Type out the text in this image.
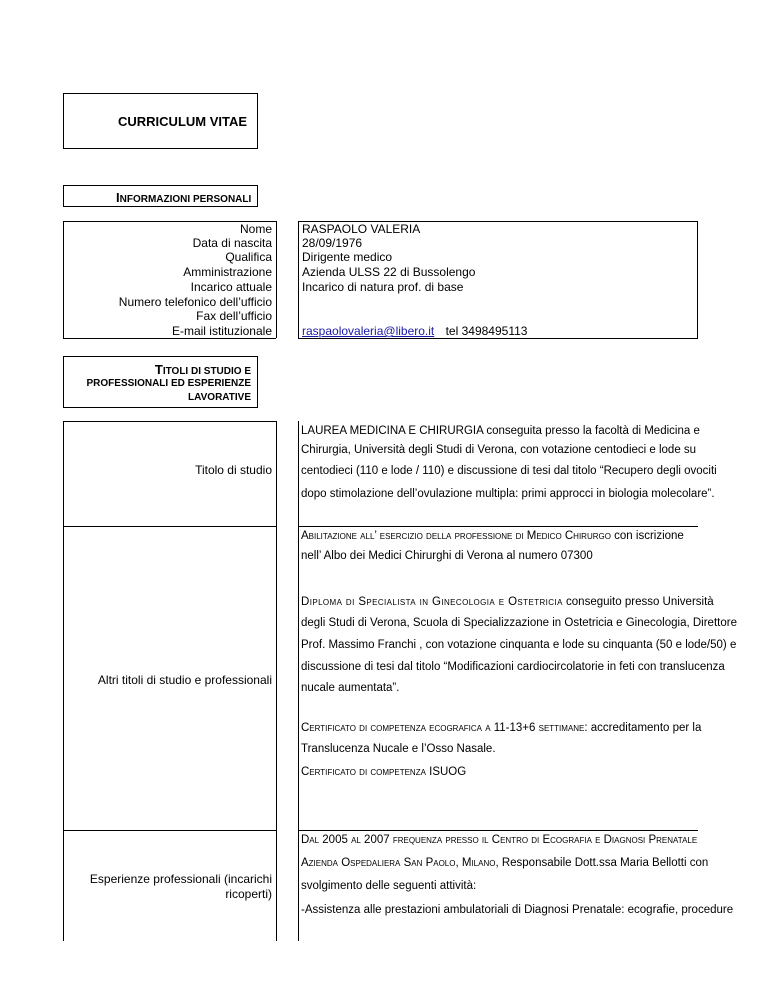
CURRICULUM VITAE
INFORMAZIONI PERSONALI
Nome
Data di nascita
Qualifica
Amministrazione
Incarico attuale
Numero telefonico dell’ufficio
Fax dell’ufficio
E-mail istituzionale
RASPAOLO VALERIA
28/09/1976
Dirigente medico
Azienda ULSS 22 di Bussolengo
Incarico di natura prof. di base
raspaolovaleria@libero.it tel 3498495113
TITOLI DI STUDIO E
PROFESSIONALI ED ESPERIENZE
LAVORATIVE
Titolo di studio
LAUREA MEDICINA E CHIRURGIA conseguita presso la facoltà di Medicina e
Chirurgia, Università degli Studi di Verona, con votazione centodieci e lode su
centodieci (110 e lode / 110) e discussione di tesi dal titolo “Recupero degli ovociti
dopo stimolazione dell’ovulazione multipla: primi approcci in biologia molecolare”.
Altri titoli di studio e professionali
Abilitazione all’ esercizio della professione di Medico Chirurgo con iscrizione
nell’ Albo dei Medici Chirurghi di Verona al numero 07300
Diploma di Specialista in Ginecologia e Ostetricia conseguito presso Università
degli Studi di Verona, Scuola di Specializzazione in Ostetricia e Ginecologia, Direttore
Prof. Massimo Franchi , con votazione cinquanta e lode su cinquanta (50 e lode/50) e
discussione di tesi dal titolo “Modificazioni cardiocircolatorie in feti con translucenza
nucale aumentata”.
Certificato di competenza ecografica a 11-13+6 settimane: accreditamento per la
Translucenza Nucale e l’Osso Nasale.
Certificato di competenza ISUOG
Esperienze professionali (incarichi
ricoperti)
Dal 2005 al 2007 frequenza presso il Centro di Ecografia e Diagnosi Prenatale
Azienda Ospedaliera San Paolo, Milano, Responsabile Dott.ssa Maria Bellotti con
svolgimento delle seguenti attività:
-Assistenza alle prestazioni ambulatoriali di Diagnosi Prenatale: ecografie, procedure
